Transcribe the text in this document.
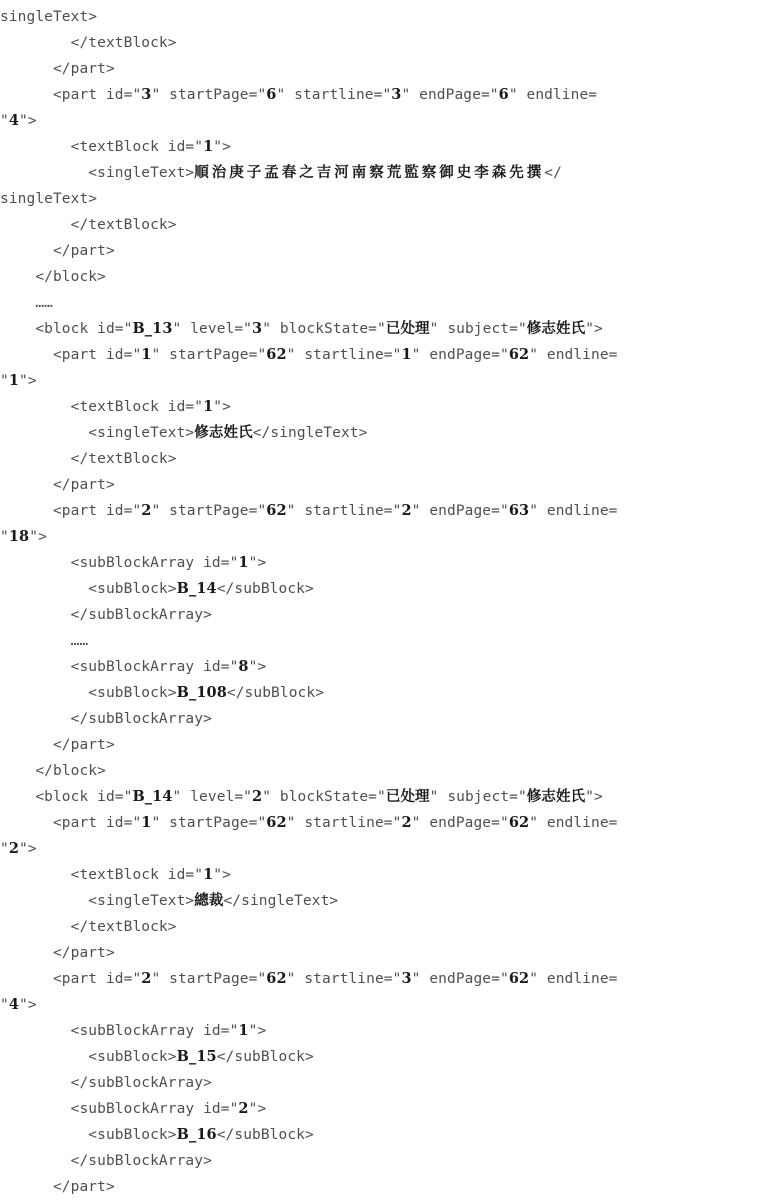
singleText>
</textBlock>
</part>
<part id="3" startPage="6" startline="3" endPage="6" endline=
"4">
<textBlock id="1">
<singleText>順治庚子孟春之吉河南察荒監察御史李森先撰</
singleText>
</textBlock>
</part>
</block>
……
<block id="B_13" level="3" blockState="已处理" subject="修志姓氏">
<part id="1" startPage="62" startline="1" endPage="62" endline=
"1">
<textBlock id="1">
<singleText>修志姓氏</singleText>
</textBlock>
</part>
<part id="2" startPage="62" startline="2" endPage="63" endline=
"18">
<subBlockArray id="1">
<subBlock>B_14</subBlock>
</subBlockArray>
……
<subBlockArray id="8">
<subBlock>B_108</subBlock>
</subBlockArray>
</part>
</block>
<block id="B_14" level="2" blockState="已处理" subject="修志姓氏">
<part id="1" startPage="62" startline="2" endPage="62" endline=
"2">
<textBlock id="1">
<singleText>總裁</singleText>
</textBlock>
</part>
<part id="2" startPage="62" startline="3" endPage="62" endline=
"4">
<subBlockArray id="1">
<subBlock>B_15</subBlock>
</subBlockArray>
<subBlockArray id="2">
<subBlock>B_16</subBlock>
</subBlockArray>
</part>
